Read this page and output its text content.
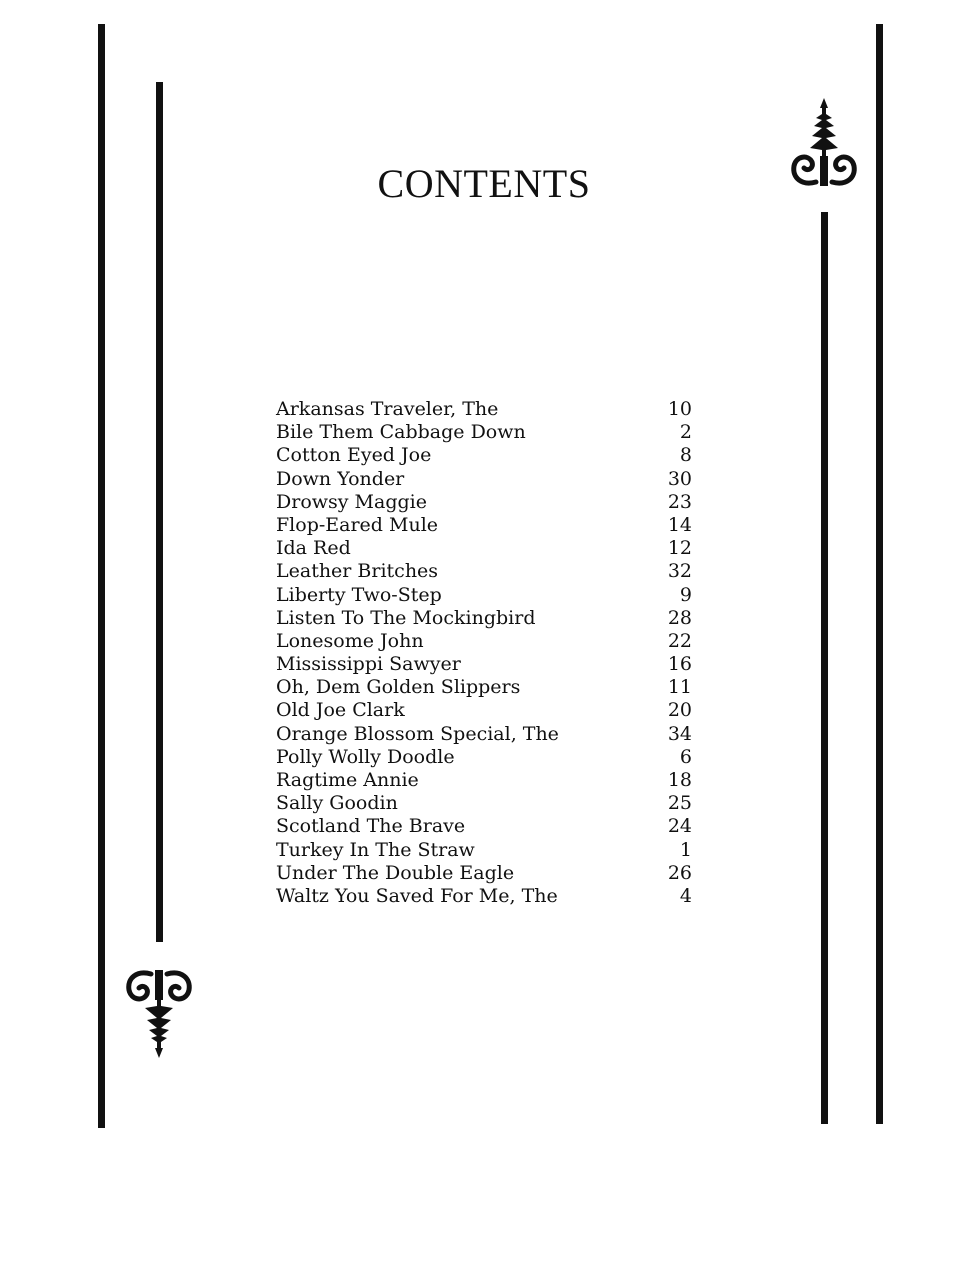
CONTENTS
Arkansas Traveler, The	10
Bile Them Cabbage Down	2
Cotton Eyed Joe	8
Down Yonder	30
Drowsy Maggie	23
Flop-Eared Mule	14
Ida Red	12
Leather Britches	32
Liberty Two-Step	9
Listen To The Mockingbird	28
Lonesome John	22
Mississippi Sawyer	16
Oh, Dem Golden Slippers	11
Old Joe Clark	20
Orange Blossom Special, The	34
Polly Wolly Doodle	6
Ragtime Annie	18
Sally Goodin	25
Scotland The Brave	24
Turkey In The Straw	1
Under The Double Eagle	26
Waltz You Saved For Me, The	4
